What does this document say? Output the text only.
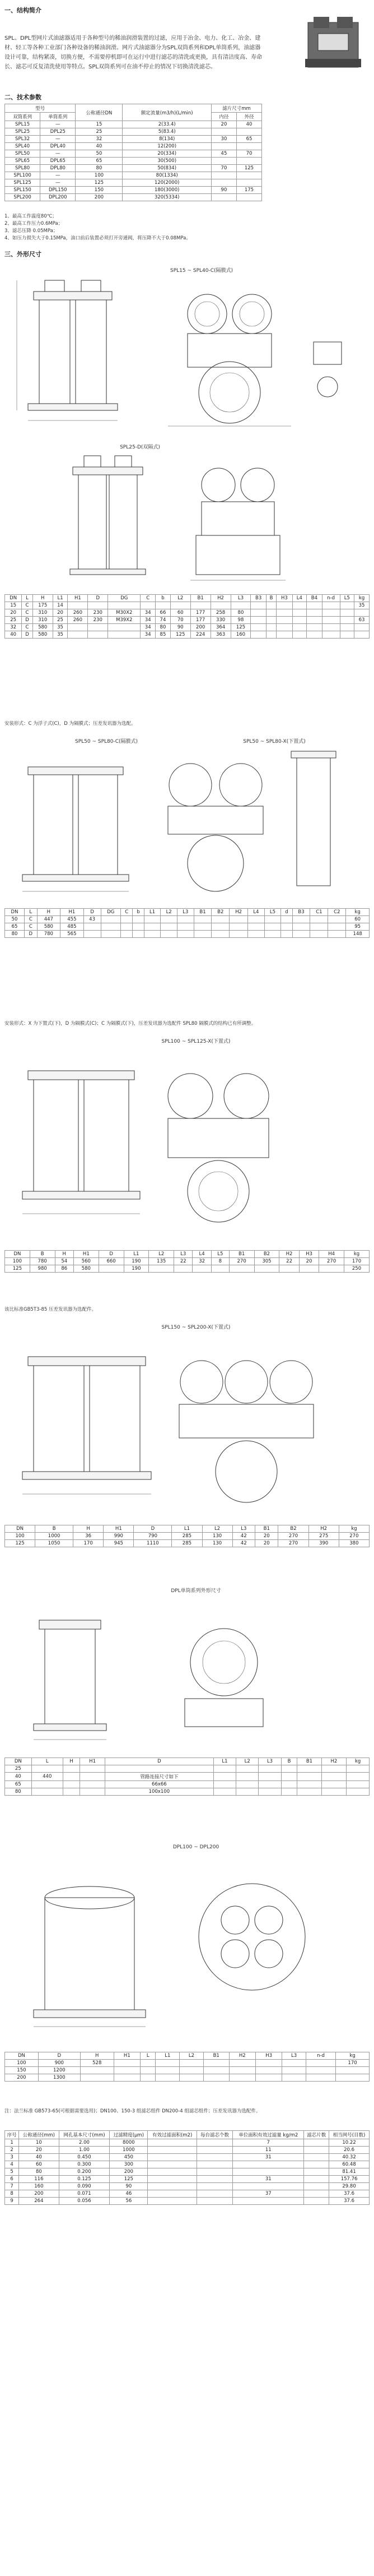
一、结构简介
SPL、DPL型网片式油滤器适用于各种型号的稀油润滑装置的过滤，应用于冶金、电力、化工、冶金、建材、轻工等各种工业部门各种设备的稀油润滑。网片式油滤器分为SPL双筒系列和DPL单筒系列，油滤器设计可靠，结构紧凑，切换方便，不需要停机即可在运行中进行滤芯的清洗或更换，具有清洁度高、寿命长、滤芯可反复清洗使用等特点。SPL双筒系列可在油不停止的情况下切换清洗滤芯。
二、技术参数
型号		公称通径DN	额定流量(m3/h)(L/min)	滤片尺寸mm	
双筒系列	单筒系列			内径	外径
SPL15	—	15	2(33.4)	20	40
SPL25	DPL25	25	5(83.4)		
SPL32	—	32	8(134)	30	65
SPL40	DPL40	40	12(200)		
SPL50	—	50	20(334)	45	70
SPL65	DPL65	65	30(500)		
SPL80	DPL80	80	50(834)	70	125
SPL100	—	100	80(1334)		
SPL125	—	125	120(2000)		
SPL150	DPL150	150	180(3000)	90	175
SPL200	DPL200	200	320(5334)		
1、最高工作温度80℃；
2、最高工作压力0.6MPa；
3、滤芯压降 0.05MPa；
4、如压力损失大于0.15MPa，油口前后装置必须打开旁通阀，将压降不大于0.08MPa。
三、外形尺寸
SPL15 ~ SPL40-C(隔膜式)
SPL25-D(双隔式)
DN	L	H	L1	H1	D	DG	C	b	L2	B1	H2	L3	B3	B	H3	L4	B4	n-d	L5	kg
15	C	175	14																	35
20	C	310	20	260	230	M30X2	34	66	60	177	258	80								
25	D	310	25	260	230	M39X2	34	74	70	177	330	98								63
32	C	580	35				34	80	90	200	364	125								
40	D	580	35				34	85	125	224	363	160								
安装形式：C 为浮子式(C)，D 为隔膜式；压差发讯器为选配。
SPL50 ~ SPL80-C(隔膜式)	SPL50 ~ SPL80-X(下置式)
DN	L	H	H1	D	DG	C	b	L1	L2	L3	B1	B2	H2	L4	L5	d	B3	C1	C2	kg
50	C	447	455	43																60
65	C	580	485																	95
80	D	780	565																	148
安装形式：X 为下置式(下)，D 为隔膜式(C)；C 为隔膜式(下)，压差发讯器为选配件 SPL80 隔膜式的结构已有所调整。
SPL100 ~ SPL125-X(下置式)
DN	B	H	H1	D	L1	L2	L3	L4	L5	B1	B2	H2	H3	H4	kg
100	780	54	560	660	190	135	22	32	8	270	305	22	20	270	170
125	980	86	580		190										250
该比标准GB5T3-85 压差发讯器为选配件。
SPL150 ~ SPL200-X(下置式)
DN	B	H	H1	D	L1	L2	L3	B1	B2	H2	kg
100	1000	36	990	790	285	130	42	20	270	275	270
125	1050	170	945	1110	285	130	42	20	270	390	380
DPL单筒系列外形尺寸
DN	L	H	H1	D	L1	L2	L3	B	B1	H2	kg
25											
40	440			管路连接尺寸如下							
65				66x66							
80				100x100							
DPL100 ~ DPL200
DN	D	H	H1	L	L1	L2	B1	H2	H3	L3	n-d	kg
100	900	528										170
150	1200											
200	1300											
注：法兰标准 GB573-65(可根据需要选用)；DN100、150-3 组滤芯组件 DN200-4 组滤芯组件；压差发讯器为选配件。
序号	公称通径(mm)	网孔基本尺寸(mm)	过滤精度(μm)	有效过滤面积(m2)	每台滤芯个数	单位面积有效过滤量 kg/m2	滤芯片数	相当网号(目数)
1	10	2.00	8000			7		10.22
2	20	1.00	1000			11		20.6
3	40	0.450	450			31		40.32
4	60	0.300	300					60.48
5	80	0.200	200					81.41
6	116	0.125	125			31		157.76
7	160	0.090	90					29.80
8	200	0.071	46			37		37.6
9	264	0.056	56					37.6
